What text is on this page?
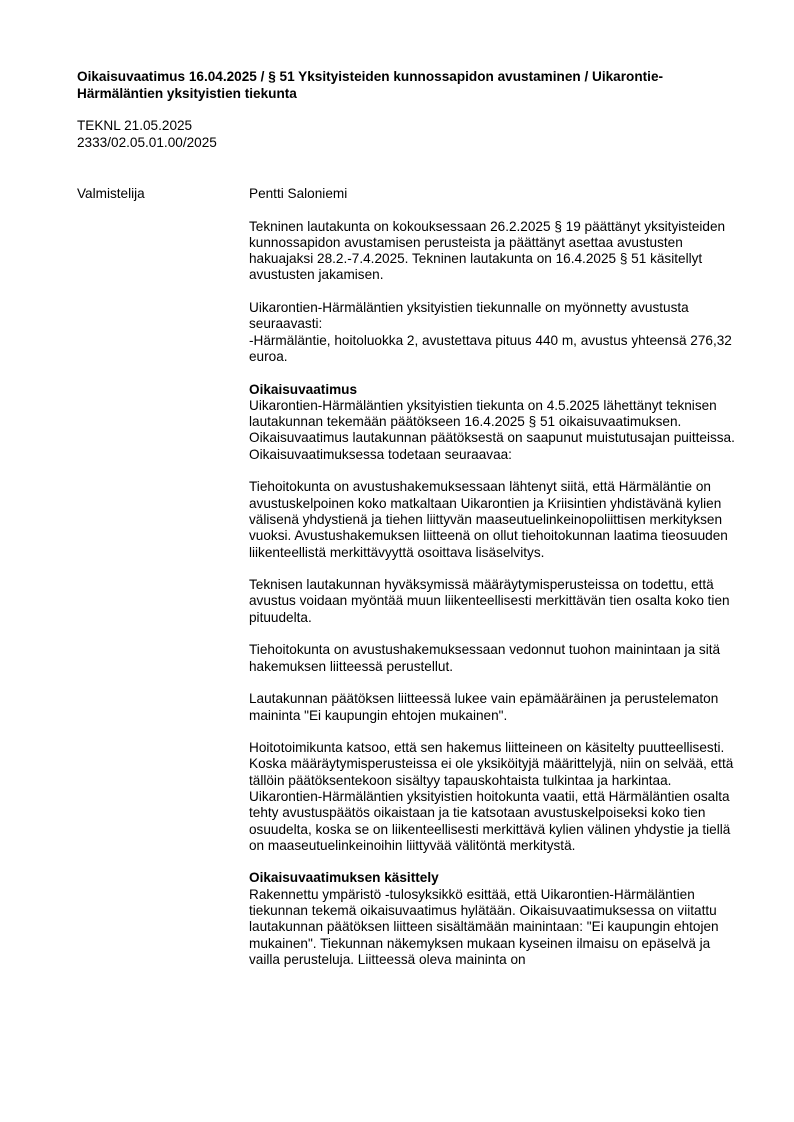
Oikaisuvaatimus 16.04.2025 / § 51 Yksityisteiden kunnossapidon avustaminen / Uikarontie-Härmäläntien yksityistien tiekunta
TEKNL 21.05.2025
2333/02.05.01.00/2025
Valmistelija	Pentti Saloniemi
Tekninen lautakunta on kokouksessaan 26.2.2025 § 19 päättänyt yksityisteiden kunnossapidon avustamisen perusteista ja päättänyt asettaa avustusten hakuajaksi 28.2.-7.4.2025. Tekninen lautakunta on 16.4.2025 § 51 käsitellyt avustusten jakamisen.
Uikarontien-Härmäläntien yksityistien tiekunnalle on myönnetty avustusta seuraavasti:
-Härmäläntie, hoitoluokka 2, avustettava pituus 440 m, avustus yhteensä 276,32 euroa.
Oikaisuvaatimus
Uikarontien-Härmäläntien yksityistien tiekunta on 4.5.2025 lähettänyt teknisen lautakunnan tekemään päätökseen 16.4.2025 § 51 oikaisuvaatimuksen. Oikaisuvaatimus lautakunnan päätöksestä on saapunut muistutusajan puitteissa. Oikaisuvaatimuksessa todetaan seuraavaa:
Tiehoitokunta on avustushakemuksessaan lähtenyt siitä, että Härmäläntie on avustuskelpoinen koko matkaltaan Uikarontien ja Kriisintien yhdistävänä kylien välisenä yhdystienä ja tiehen liittyvän maaseutuelinkeinopoliittisen merkityksen vuoksi. Avustushakemuksen liitteenä on ollut tiehoitokunnan laatima tieosuuden liikenteellistä merkittävyyttä osoittava lisäselvitys.
Teknisen lautakunnan hyväksymissä määräytymisperusteissa on todettu, että avustus voidaan myöntää muun liikenteellisesti merkittävän tien osalta koko tien pituudelta.
Tiehoitokunta on avustushakemuksessaan vedonnut tuohon mainintaan ja sitä hakemuksen liitteessä perustellut.
Lautakunnan päätöksen liitteessä lukee vain epämääräinen ja perustelematon maininta "Ei kaupungin ehtojen mukainen".
Hoitotoimikunta katsoo, että sen hakemus liitteineen on käsitelty puutteellisesti. Koska määräytymisperusteissa ei ole yksiköityjä määrittelyjä, niin on selvää, että tällöin päätöksentekoon sisältyy tapauskohtaista tulkintaa ja harkintaa. Uikarontien-Härmäläntien yksityistien hoitokunta vaatii, että Härmäläntien osalta tehty avustuspäätös oikaistaan ja tie katsotaan avustuskelpoiseksi koko tien osuudelta, koska se on liikenteellisesti merkittävä kylien välinen yhdystie ja tiellä on maaseutuelinkeinoihin liittyvää välitöntä merkitystä.
Oikaisuvaatimuksen käsittely
Rakennettu ympäristö -tulosyksikkö esittää, että Uikarontien-Härmäläntien tiekunnan tekemä oikaisuvaatimus hylätään. Oikaisuvaatimuksessa on viitattu lautakunnan päätöksen liitteen sisältämään mainintaan: "Ei kaupungin ehtojen mukainen". Tiekunnan näkemyksen mukaan kyseinen ilmaisu on epäselvä ja vailla perusteluja. Liitteessä oleva maininta on
